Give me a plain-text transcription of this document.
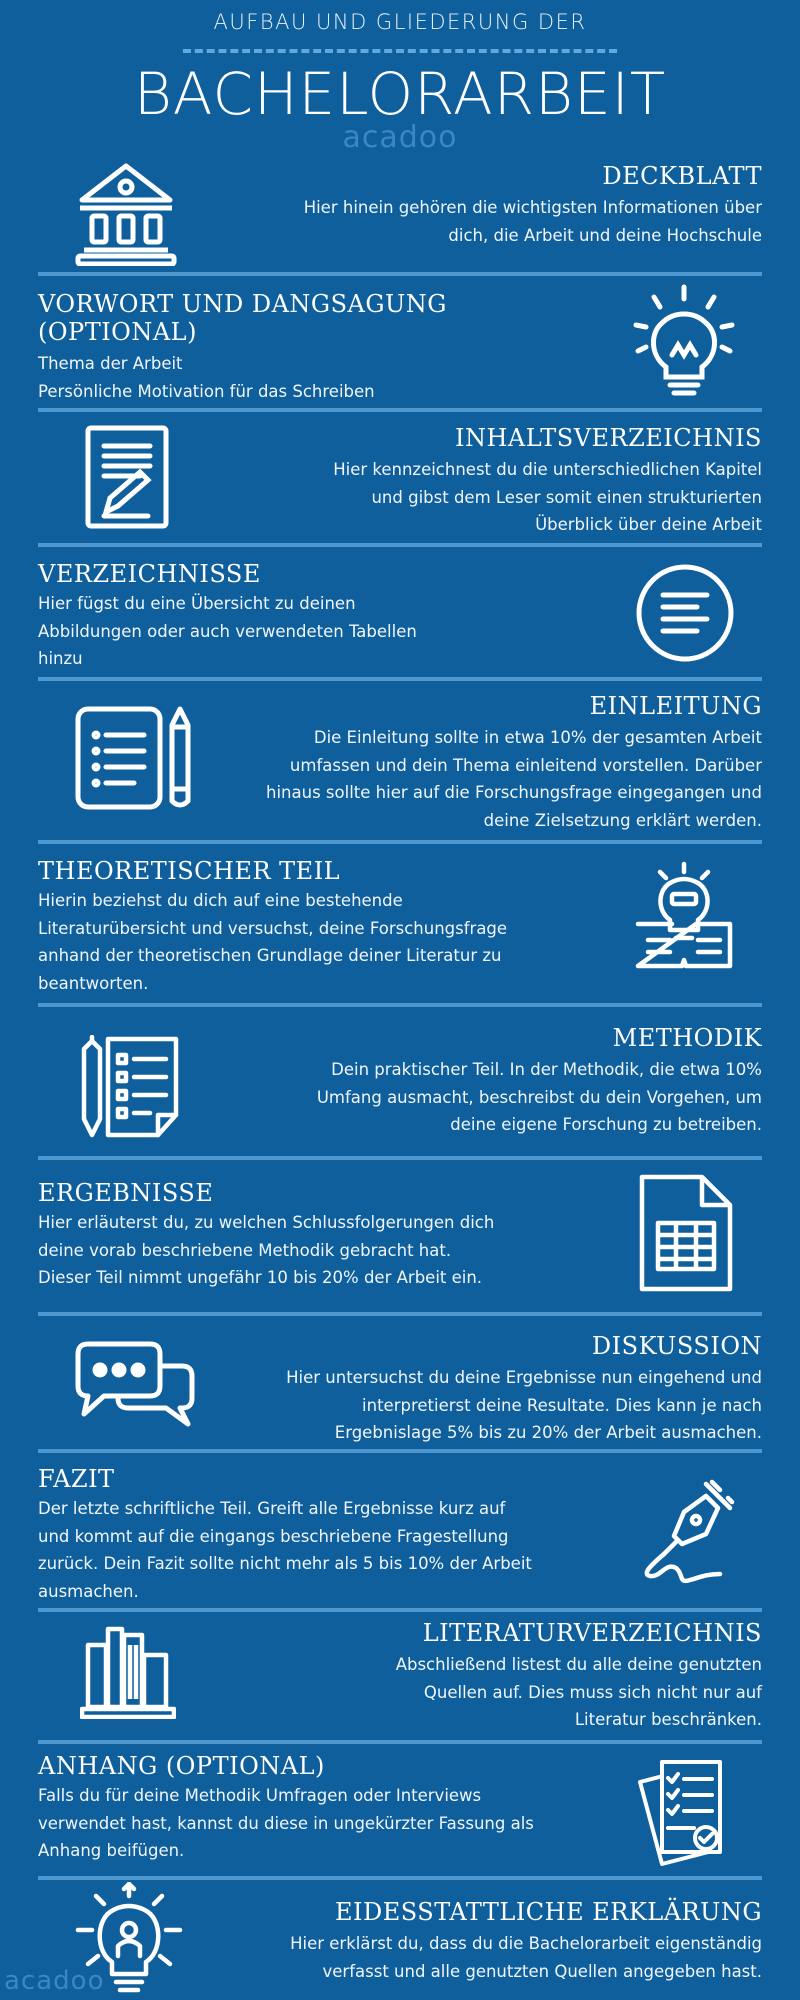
AUFBAU UND GLIEDERUNG DER
BACHELORARBEIT
acadoo
DECKBLATT
Hier hinein gehören die wichtigsten Informationen über
dich, die Arbeit und deine Hochschule
VORWORT UND DANGSAGUNG
(OPTIONAL)
Thema der Arbeit
Persönliche Motivation für das Schreiben
INHALTSVERZEICHNIS
Hier kennzeichnest du die unterschiedlichen Kapitel
und gibst dem Leser somit einen strukturierten
Überblick über deine Arbeit
VERZEICHNISSE
Hier fügst du eine Übersicht zu deinen
Abbildungen oder auch verwendeten Tabellen
hinzu
EINLEITUNG
Die Einleitung sollte in etwa 10% der gesamten Arbeit
umfassen und dein Thema einleitend vorstellen. Darüber
hinaus sollte hier auf die Forschungsfrage eingegangen und
deine Zielsetzung erklärt werden.
THEORETISCHER TEIL
Hierin beziehst du dich auf eine bestehende
Literaturübersicht und versuchst, deine Forschungsfrage
anhand der theoretischen Grundlage deiner Literatur zu
beantworten.
METHODIK
Dein praktischer Teil. In der Methodik, die etwa 10%
Umfang ausmacht, beschreibst du dein Vorgehen, um
deine eigene Forschung zu betreiben.
ERGEBNISSE
Hier erläuterst du, zu welchen Schlussfolgerungen dich
deine vorab beschriebene Methodik gebracht hat.
Dieser Teil nimmt ungefähr 10 bis 20% der Arbeit ein.
DISKUSSION
Hier untersuchst du deine Ergebnisse nun eingehend und
interpretierst deine Resultate. Dies kann je nach
Ergebnislage 5% bis zu 20% der Arbeit ausmachen.
FAZIT
Der letzte schriftliche Teil. Greift alle Ergebnisse kurz auf
und kommt auf die eingangs beschriebene Fragestellung
zurück. Dein Fazit sollte nicht mehr als 5 bis 10% der Arbeit
ausmachen.
LITERATURVERZEICHNIS
Abschließend listest du alle deine genutzten
Quellen auf. Dies muss sich nicht nur auf
Literatur beschränken.
ANHANG (OPTIONAL)
Falls du für deine Methodik Umfragen oder Interviews
verwendet hast, kannst du diese in ungekürzter Fassung als
Anhang beifügen.
EIDESSTATTLICHE ERKLÄRUNG
Hier erklärst du, dass du die Bachelorarbeit eigenständig
verfasst und alle genutzten Quellen angegeben hast.
acadoo
